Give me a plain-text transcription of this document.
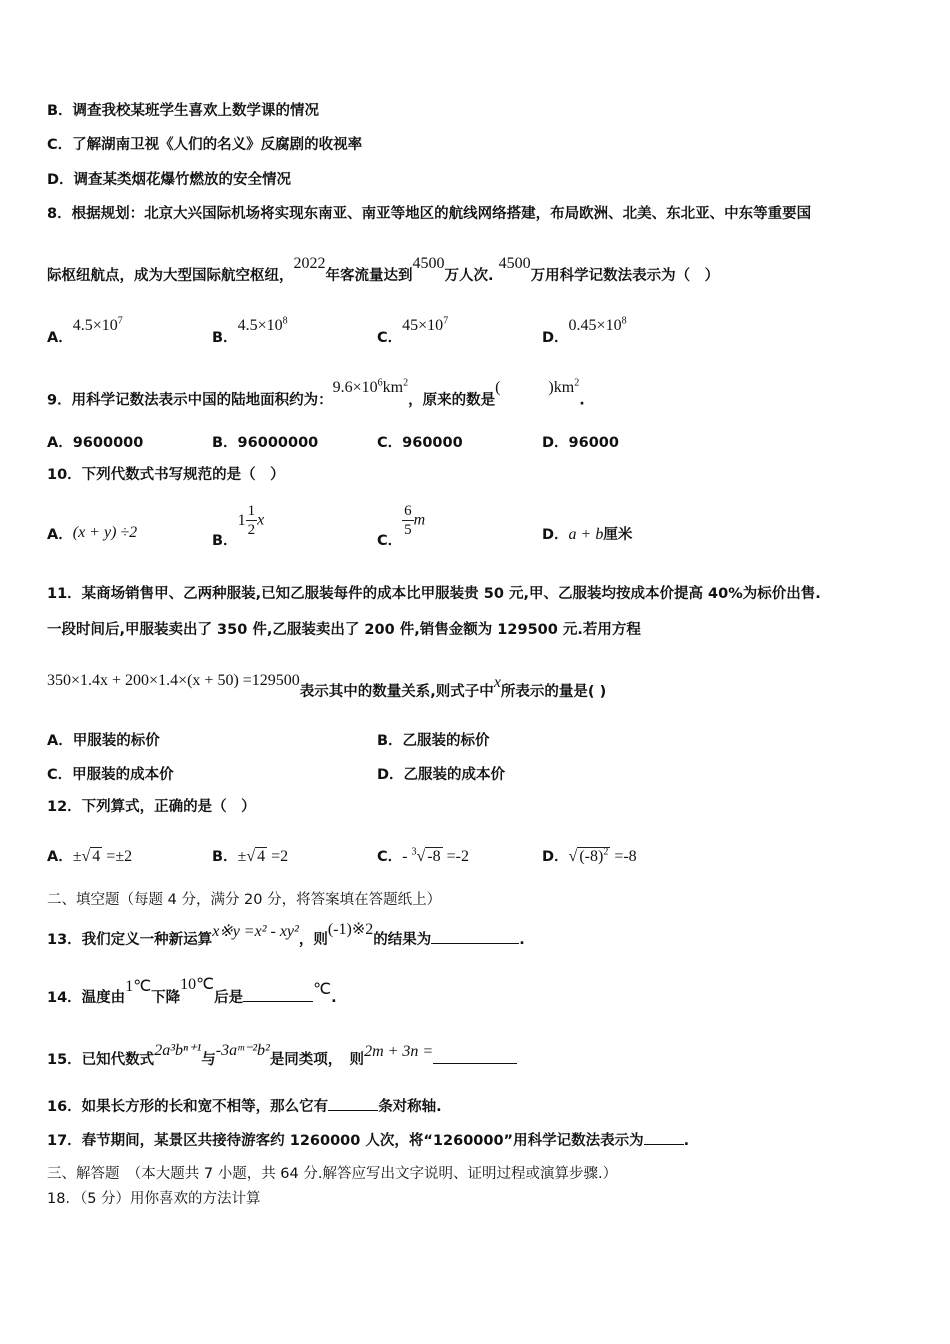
B．调查我校某班学生喜欢上数学课的情况
C．了解湖南卫视《人们的名义》反腐剧的收视率
D．调查某类烟花爆竹燃放的安全情况
8．根据规划：北京大兴国际机场将实现东南亚、南亚等地区的航线网络搭建，布局欧洲、北美、东北亚、中东等重要国
际枢纽航点，成为大型国际航空枢纽，2022年客流量达到4500万人次. 4500万用科学记数法表示为（　）
A．$4.5\times 10^7$
B．$4.5\times 10^8$
C．$45\times 10^7$
D．$0.45\times 10^8$
9．用科学记数法表示中国的陆地面积约为：$9.6\times 10^6km^2$，原来的数是(　　　)$km^2$.
A．9600000	B．96000000	C．960000	D．96000
10．下列代数式书写规范的是（　）
A．(x + y) ÷2	B．$1 \frac{1}{2}$ x
C．
$\frac{6}{5}$ m
D．a + b厘米
11．某商场销售甲、乙两种服装,已知乙服装每件的成本比甲服装贵 50 元,甲、乙服装均按成本价提高 40%为标价出售.
一段时间后,甲服装卖出了 350 件,乙服装卖出了 200 件,销售金额为 129500 元.若用方程
350×1.4x + 200×1.4×(x + 50) =129500表示其中的数量关系,则式子中x所表示的量是( )
A．甲服装的标价	B．乙服装的标价
C．甲服装的成本价	D．乙服装的成本价
12．下列算式，正确的是（　）
A．±√ 4 =±2	B．±√ 4 =2	C．- $^3$√ -8 =-2	D．√ $(-8)^2 =-8$
二、填空题（每题 4 分，满分 20 分，将答案填在答题纸上）
13．我们定义一种新运算x※y =x² - xy²，则(-1)※2的结果为	.
14．温度由1℃下降10℃后是	℃.
15．已知代数式2a³bⁿ⁺¹与-3aᵐ⁻²b²是同类项，　则2m + 3n =
16．如果长方形的长和宽不相等，那么它有	条对称轴.
17．春节期间，某景区共接待游客约 1260000 人次，将“1260000”用科学记数法表示为	.
三、解答题　（本大题共 7 小题，共 64 分.解答应写出文字说明、证明过程或演算步骤.）
18．（5 分）用你喜欢的方法计算
